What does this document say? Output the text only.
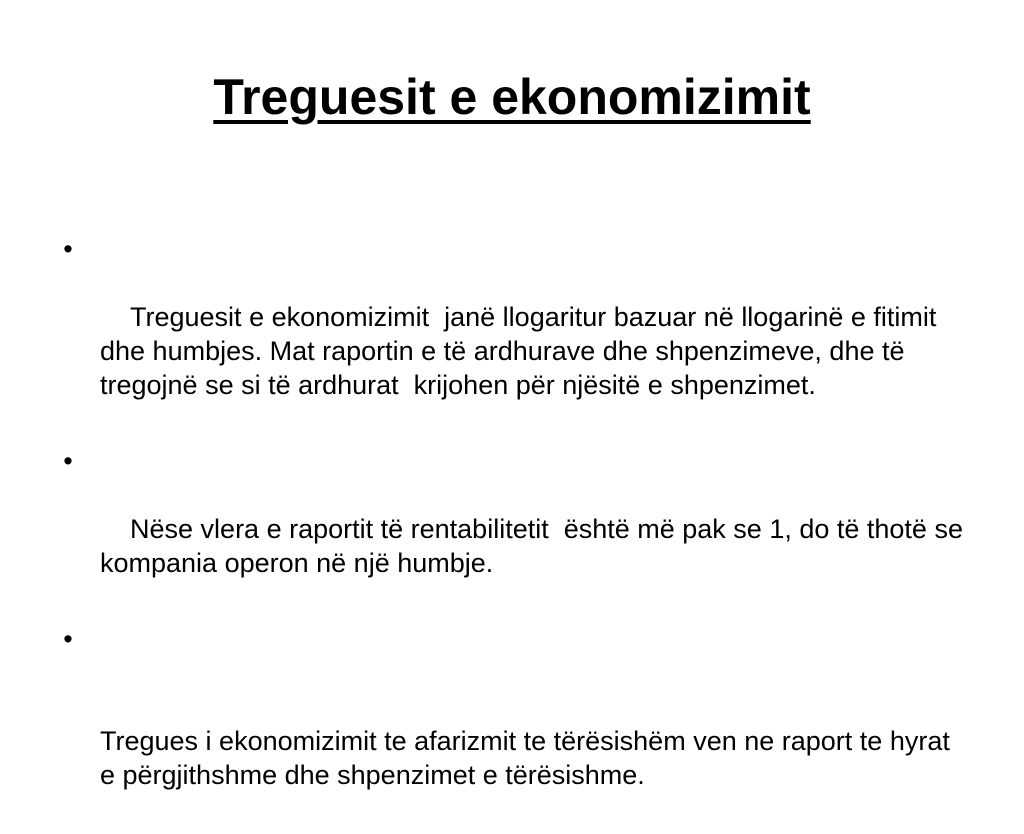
Treguesit e ekonomizimit

•

Treguesit e ekonomizimit  janë llogaritur bazuar në llogarinë e fitimit dhe humbjes. Mat raportin e të ardhurave dhe shpenzimeve, dhe të tregojnë se si të ardhurat  krijohen për njësitë e shpenzimet.

•

Nëse vlera e raportit të rentabilitetit  është më pak se 1, do të thotë se kompania operon në një humbje.

•

Tregues i ekonomizimit te afarizmit te tërësishëm ven ne raport te hyrat e përgjithshme dhe shpenzimet e tërësishme.
